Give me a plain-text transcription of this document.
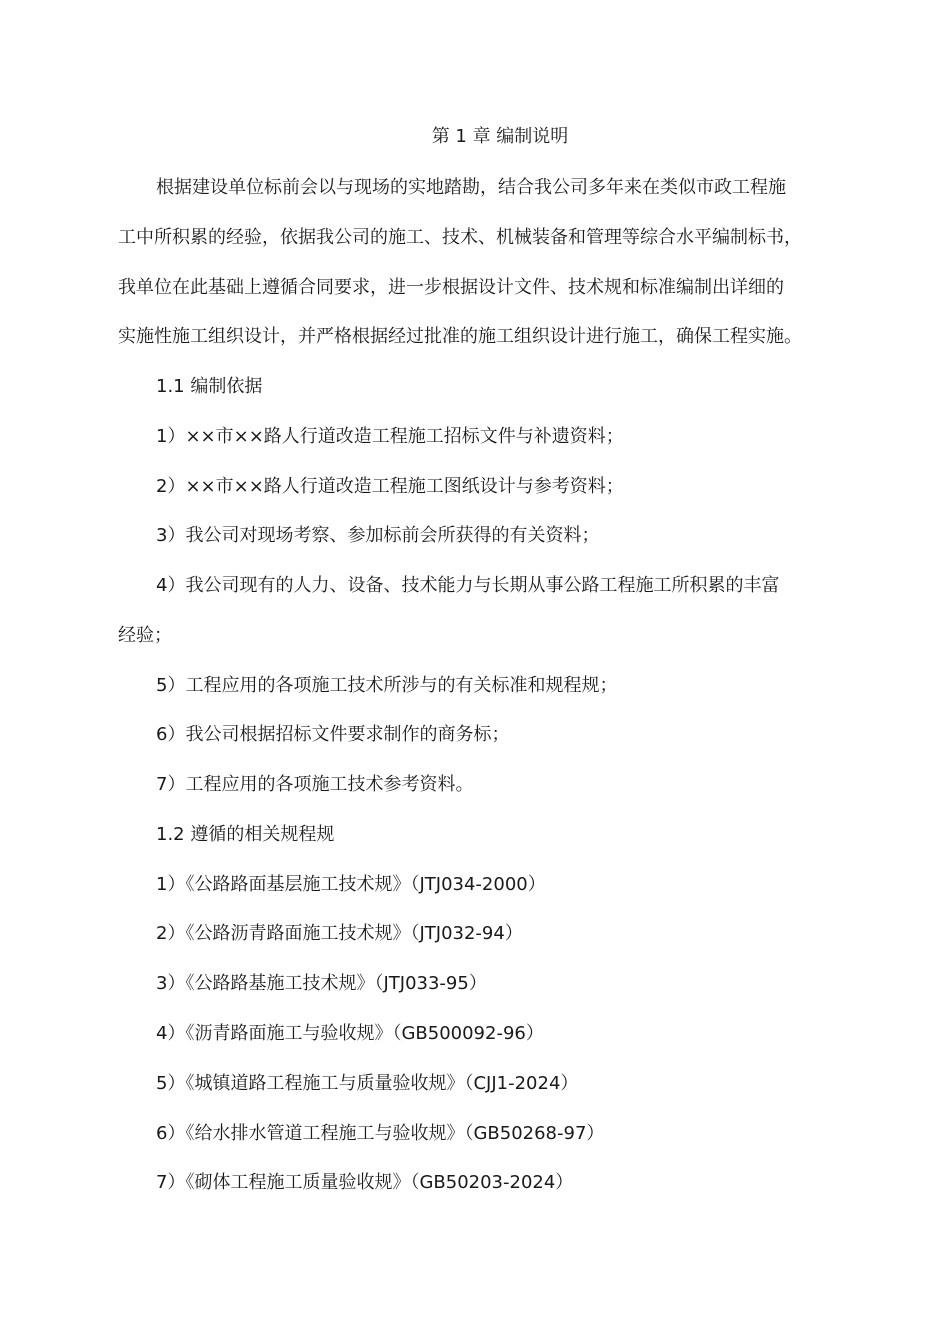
第 1 章 编制说明
根据建设单位标前会以与现场的实地踏勘，结合我公司多年来在类似市政工程施
工中所积累的经验，依据我公司的施工、技术、机械装备和管理等综合水平编制标书，
我单位在此基础上遵循合同要求，进一步根据设计文件、技术规和标准编制出详细的
实施性施工组织设计，并严格根据经过批准的施工组织设计进行施工，确保工程实施。
1.1 编制依据
1）××市××路人行道改造工程施工招标文件与补遗资料；
2）××市××路人行道改造工程施工图纸设计与参考资料；
3）我公司对现场考察、参加标前会所获得的有关资料；
4）我公司现有的人力、设备、技术能力与长期从事公路工程施工所积累的丰富
经验；
5）工程应用的各项施工技术所涉与的有关标准和规程规；
6）我公司根据招标文件要求制作的商务标；
7）工程应用的各项施工技术参考资料。
1.2 遵循的相关规程规
1）《公路路面基层施工技术规》（JTJ034-2000）
2）《公路沥青路面施工技术规》（JTJ032-94）
3）《公路路基施工技术规》（JTJ033-95）
4）《沥青路面施工与验收规》（GB500092-96）
5）《城镇道路工程施工与质量验收规》（CJJ1-2024）
6）《给水排水管道工程施工与验收规》（GB50268-97）
7）《砌体工程施工质量验收规》（GB50203-2024）
